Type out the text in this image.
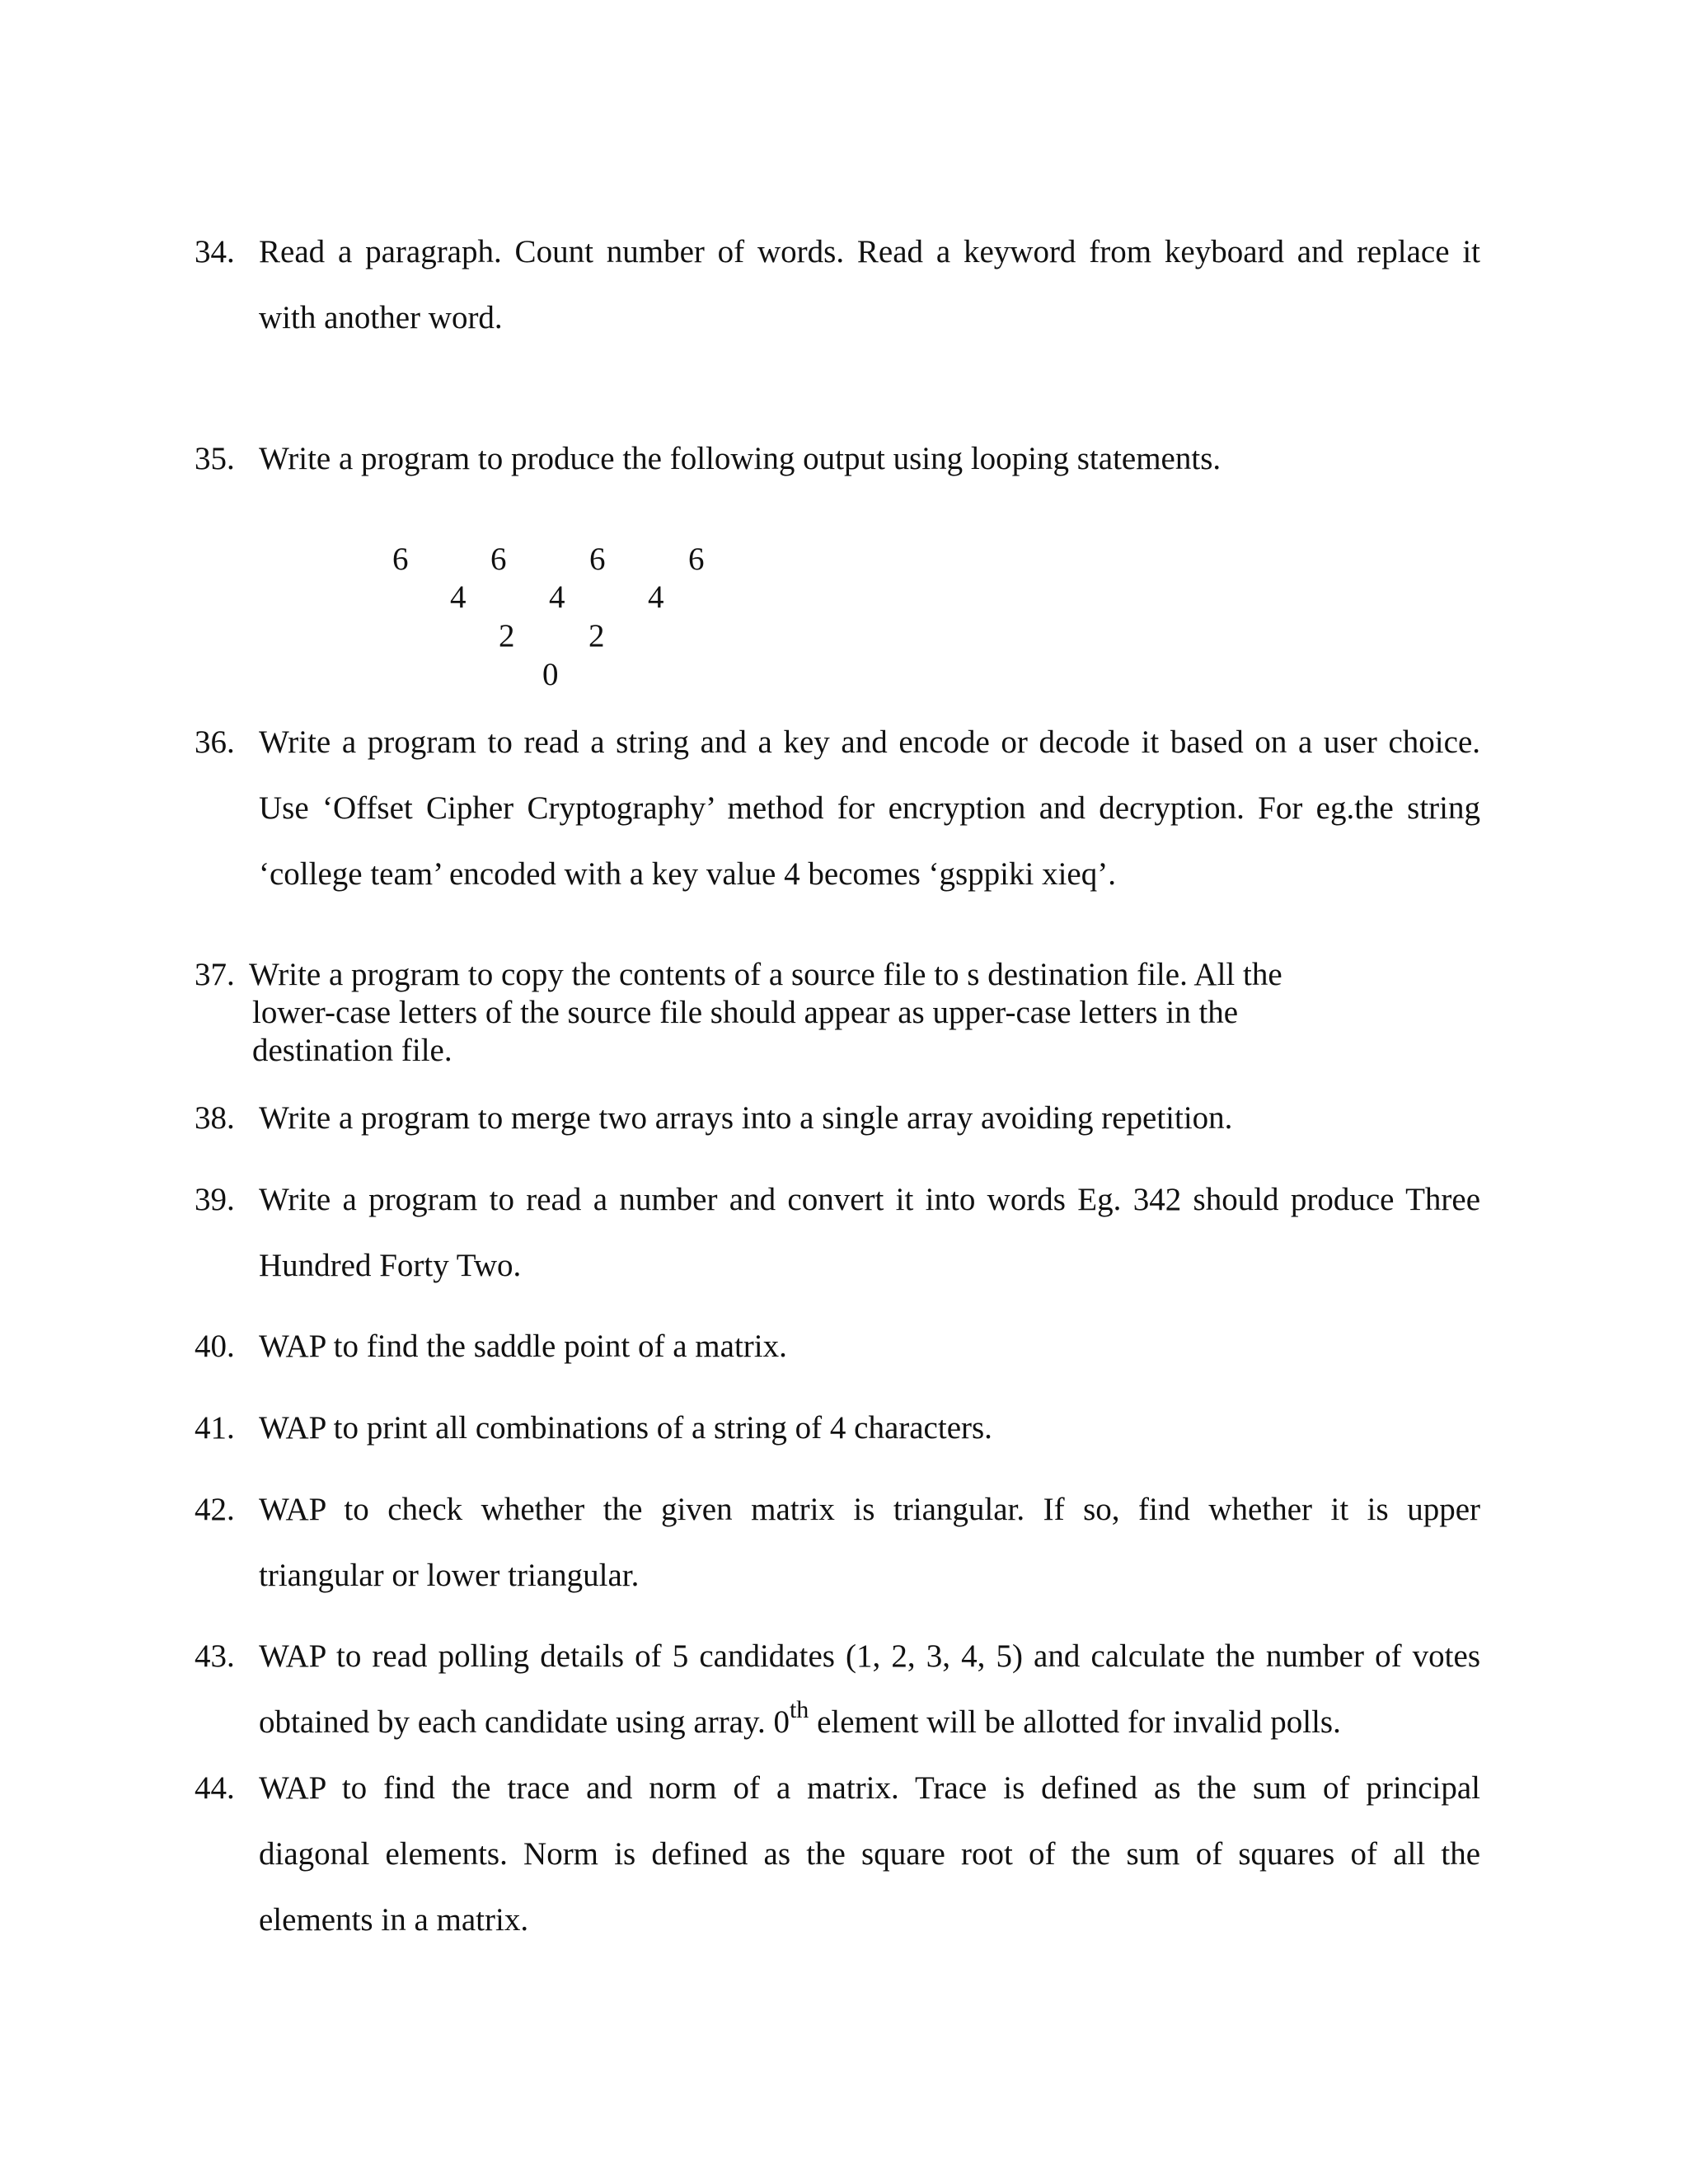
34. Read a paragraph. Count number of words. Read a keyword from keyboard and replace it
with another word.
35. Write a program to produce the following output using looping statements.
6	6	6	6
4	4	4
2 2
0
36. Write a program to read a string and a key and encode or decode it based on a user choice.
Use ‘Offset Cipher Cryptography’ method for encryption and decryption. For eg.the string
‘college team’ encoded with a key value 4 becomes ‘gsppiki xieq’.
37. Write a program to copy the contents of a source file to s destination file. All the
lower-case letters of the source file should appear as upper-case letters in the
destination file.
38. Write a program to merge two arrays into a single array avoiding repetition.
39. Write a program to read a number and convert it into words Eg. 342 should produce Three
Hundred Forty Two.
40. WAP to find the saddle point of a matrix.
41. WAP to print all combinations of a string of 4 characters.
42. WAP to check whether the given matrix is triangular. If so, find whether it is upper
triangular or lower triangular.
43. WAP to read polling details of 5 candidates (1, 2, 3, 4, 5) and calculate the number of votes
obtained by each candidate using array. 0th element will be allotted for invalid polls.
44. WAP to find the trace and norm of a matrix. Trace is defined as the sum of principal
diagonal elements. Norm is defined as the square root of the sum of squares of all the
elements in a matrix.
